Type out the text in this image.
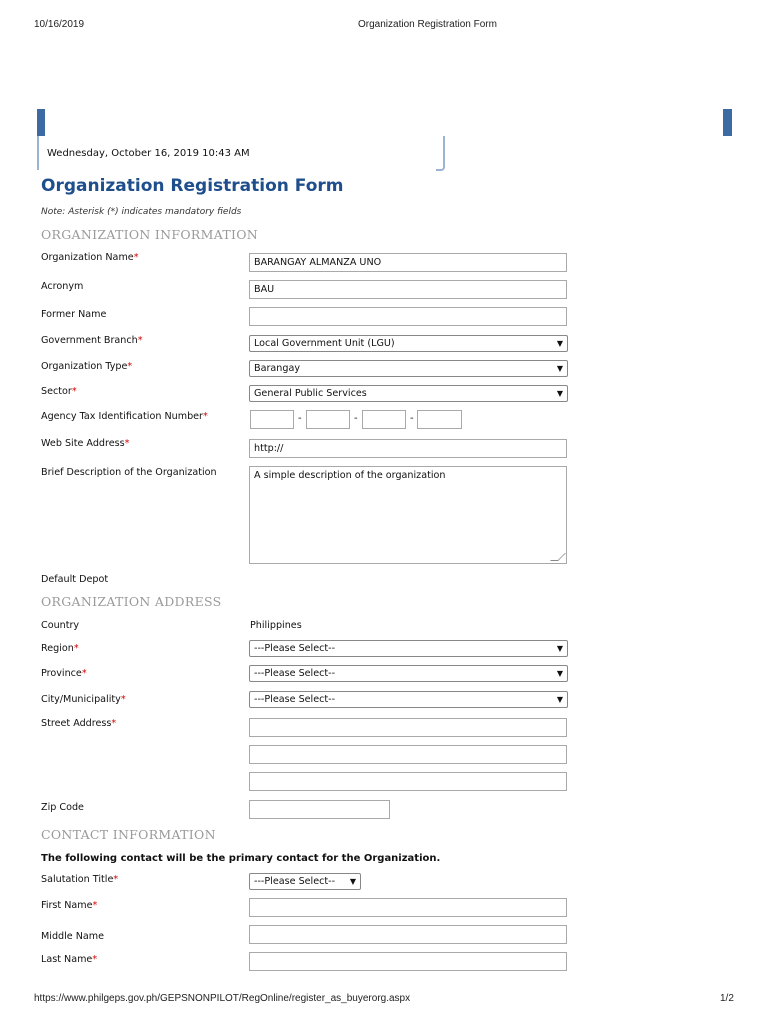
10/16/2019	Organization Registration Form
Wednesday, October 16, 2019 10:43 AM
Organization Registration Form
Note: Asterisk (*) indicates mandatory fields
ORGANIZATION INFORMATION
Organization Name*	BARANGAY ALMANZA UNO
Acronym	BAU
Former Name
Government Branch*	Local Government Unit (LGU)	▼
Organization Type*	Barangay	▼
Sector*	General Public Services	▼
Agency Tax Identification Number*	-	-	-
Web Site Address*	http://
Brief Description of the Organization	A simple description of the organization
Default Depot
ORGANIZATION ADDRESS
Country	Philippines
Region*	---Please Select--	▼
Province*	---Please Select--	▼
City/Municipality*	---Please Select--	▼
Street Address*
Zip Code
CONTACT INFORMATION
The following contact will be the primary contact for the Organization.
Salutation Title*	---Please Select-- ▼
First Name*
Middle Name
Last Name*
https://www.philgeps.gov.ph/GEPSNONPILOT/RegOnline/register_as_buyerorg.aspx	1/2
